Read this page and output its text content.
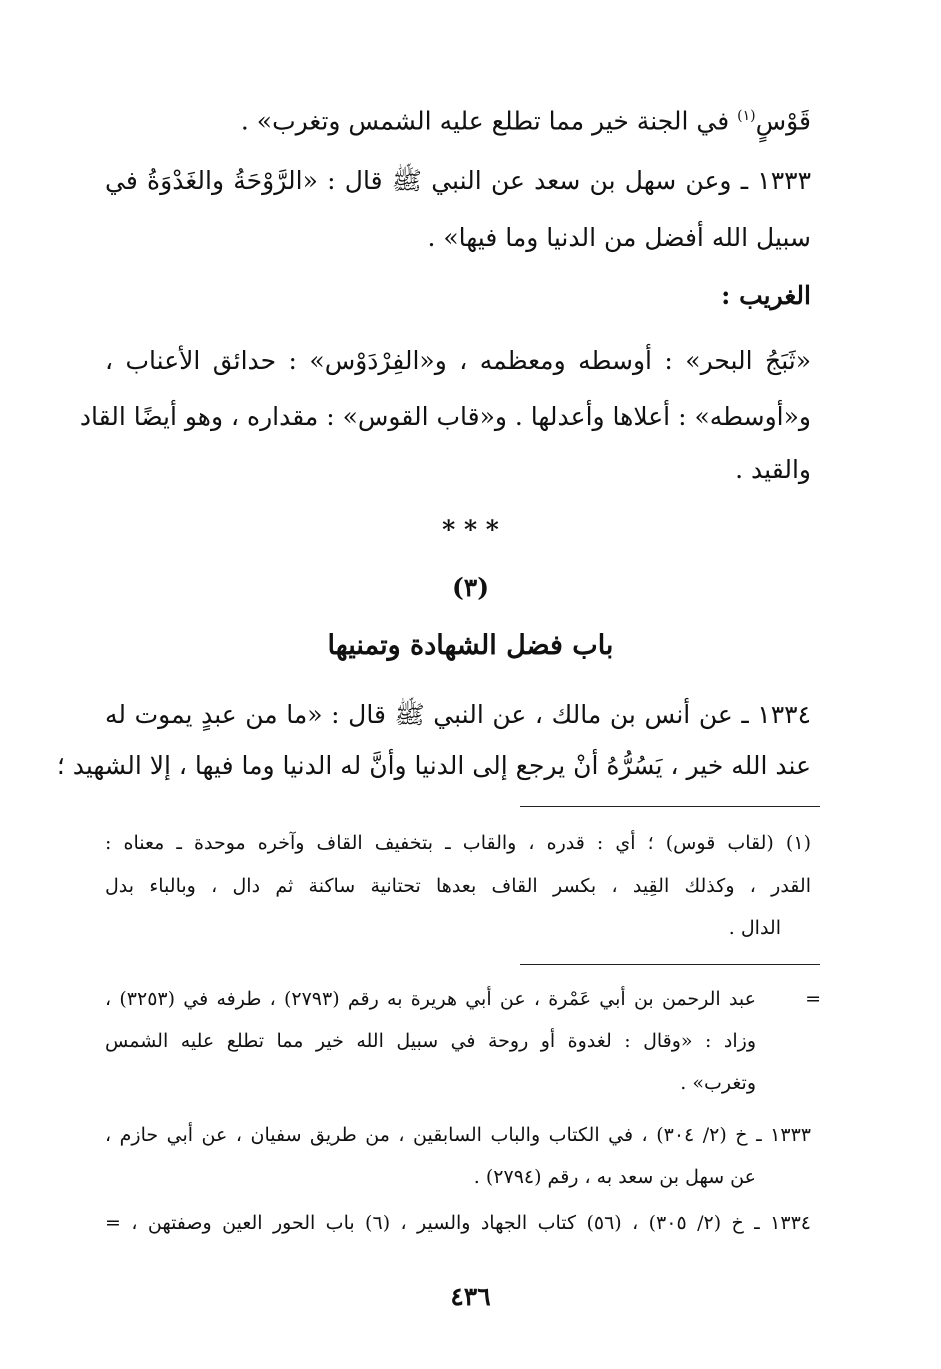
قَوْسٍ$^{(١)}$ في الجنة خير مما تطلع عليه الشمس وتغرب» .
١٣٣٣ ـ وعن سهل بن سعد عن النبي ﷺ قال : «الرَّوْحَةُ والغَدْوَةُ في
سبيل الله أفضل من الدنيا وما فيها» .
الغريب :
«ثَبَجُ البحر» : أوسطه ومعظمه ، و«الفِرْدَوْس» : حدائق الأعناب ،
و«أوسطه» : أعلاها وأعدلها . و«قاب القوس» : مقداره ، وهو أيضًا القاد
والقيد .
* * *
(٣)
باب فضل الشهادة وتمنيها
١٣٣٤ ـ عن أنس بن مالك ، عن النبي ﷺ قال : «ما من عبدٍ يموت له
عند الله خير ، يَسُرُّهُ أنْ يرجع إلى الدنيا وأنَّ له الدنيا وما فيها ، إلا الشهيد ؛
(١) (لقاب قوس) ؛ أي : قدره ، والقاب ـ بتخفيف القاف وآخره موحدة ـ معناه :
القدر ، وكذلك القِيد ، بكسر القاف بعدها تحتانية ساكنة ثم دال ، وبالباء بدل
الدال .
=
عبد الرحمن بن أبي عَمْرة ، عن أبي هريرة به رقم (٢٧٩٣) ، طرفه في (٣٢٥٣) ،
وزاد : «وقال : لغدوة أو روحة في سبيل الله خير مما تطلع عليه الشمس
وتغرب» .
١٣٣٣ ـ خ (٢/ ٣٠٤) ، في الكتاب والباب السابقين ، من طريق سفيان ، عن أبي حازم ،
عن سهل بن سعد به ، رقم (٢٧٩٤) .
١٣٣٤ ـ خ (٢/ ٣٠٥) ، (٥٦) كتاب الجهاد والسير ، (٦) باب الحور العين وصفتهن ، =
٤٣٦
